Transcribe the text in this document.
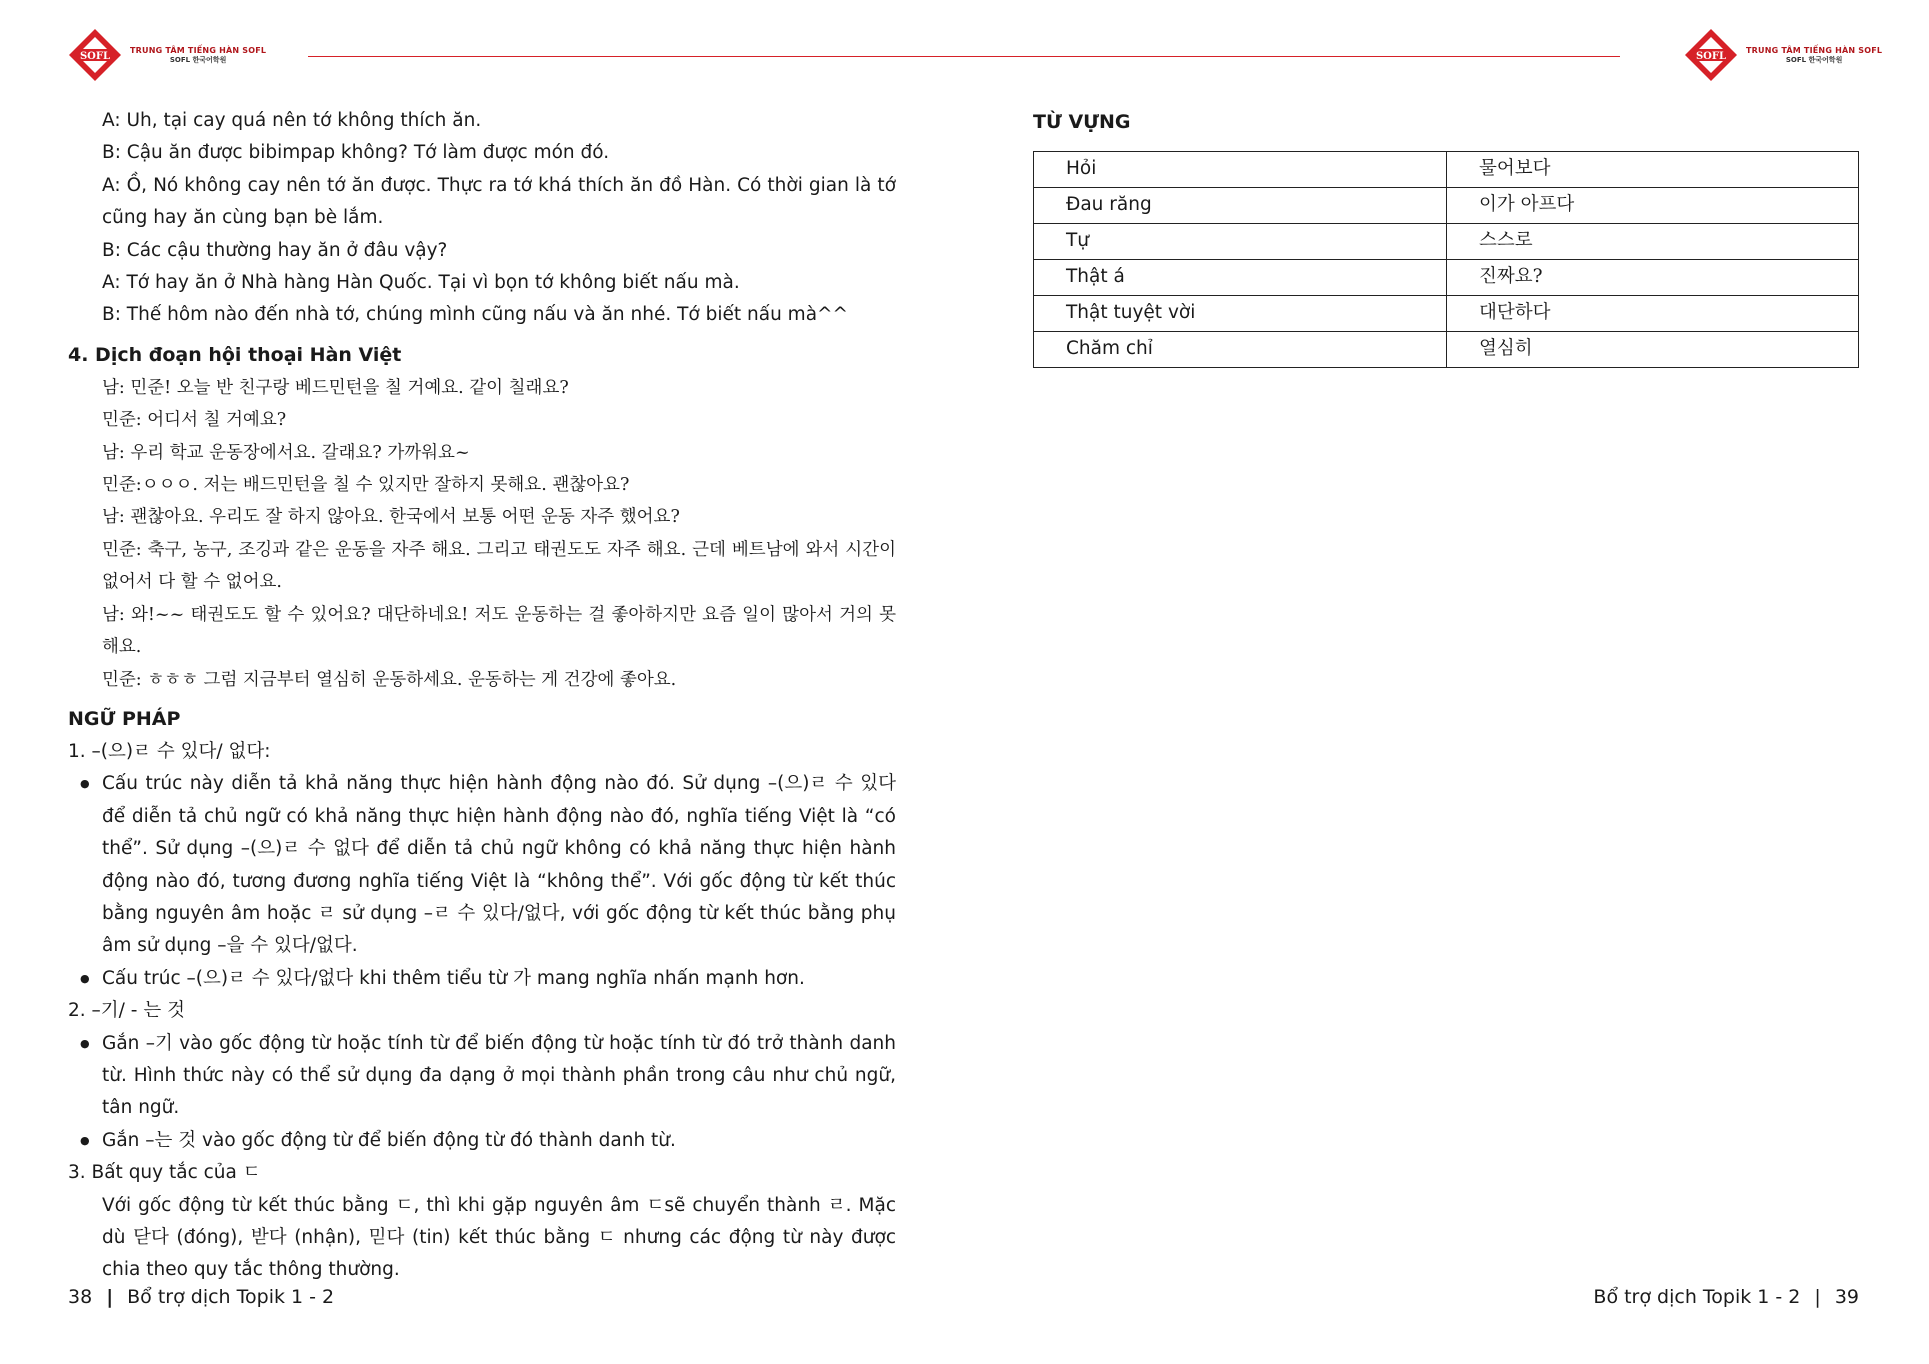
SOFL
TRUNG TÂM TIẾNG HÀN SOFL
SOFL 한국어학원	SOFL
TRUNG TÂM TIẾNG HÀN SOFL
SOFL 한국어학원
A: Uh, tại cay quá nên tớ không thích ăn.
B: Cậu ăn được bibimpap không? Tớ làm được món đó.
A: Ồ, Nó không cay nên tớ ăn được. Thực ra tớ khá thích ăn đồ Hàn. Có thời gian là tớ cũng hay ăn cùng bạn bè lắm.
B: Các cậu thường hay ăn ở đâu vậy?
A: Tớ hay ăn ở Nhà hàng Hàn Quốc. Tại vì bọn tớ không biết nấu mà.
B: Thế hôm nào đến nhà tớ, chúng mình cũng nấu và ăn nhé. Tớ biết nấu mà^^
4. Dịch đoạn hội thoại Hàn Việt
남: 민준! 오늘 반 친구랑 베드민턴을 칠 거예요. 같이 칠래요?
민준: 어디서 칠 거예요?
남: 우리 학교 운동장에서요. 갈래요? 가까워요~
민준:ㅇㅇㅇ. 저는 배드민턴을 칠 수 있지만 잘하지 못해요. 괜찮아요?
남: 괜찮아요. 우리도 잘 하지 않아요. 한국에서 보통 어떤 운동 자주 했어요?
민준: 축구, 농구, 조깅과 같은 운동을 자주 해요. 그리고 태권도도 자주 해요. 근데 베트남에 와서 시간이 없어서 다 할 수 없어요.
남: 와!~~ 태권도도 할 수 있어요? 대단하네요! 저도 운동하는 걸 좋아하지만 요즘 일이 많아서 거의 못 해요.
민준: ㅎㅎㅎ 그럼 지금부터 열심히 운동하세요. 운동하는 게 건강에 좋아요.
NGỮ PHÁP
1. –(으)ㄹ 수 있다/ 없다:
● Cấu trúc này diễn tả khả năng thực hiện hành động nào đó. Sử dụng –(으)ㄹ 수 있다 để diễn tả chủ ngữ có khả năng thực hiện hành động nào đó, nghĩa tiếng Việt là “có thể”. Sử dụng –(으)ㄹ 수 없다 để diễn tả chủ ngữ không có khả năng thực hiện hành động nào đó, tương đương nghĩa tiếng Việt là “không thể”. Với gốc động từ kết thúc bằng nguyên âm hoặc ㄹ sử dụng –ㄹ 수 있다/없다, với gốc động từ kết thúc bằng phụ âm sử dụng –을 수 있다/없다.
● Cấu trúc –(으)ㄹ 수 있다/없다 khi thêm tiểu từ 가 mang nghĩa nhấn mạnh hơn.
2. –기/ - 는 것
● Gắn –기 vào gốc động từ hoặc tính từ để biến động từ hoặc tính từ đó trở thành danh từ. Hình thức này có thể sử dụng đa dạng ở mọi thành phần trong câu như chủ ngữ, tân ngữ.
● Gắn –는 것 vào gốc động từ để biến động từ đó thành danh từ.
3. Bất quy tắc của ㄷ
Với gốc động từ kết thúc bằng ㄷ, thì khi gặp nguyên âm ㄷsẽ chuyển thành ㄹ. Mặc dù 닫다 (đóng), 받다 (nhận), 믿다 (tin) kết thúc bằng ㄷ nhưng các động từ này được chia theo quy tắc thông thường.
TỪ VỰNG
Hỏi	물어보다
Đau răng	이가 아프다
Tự	스스로
Thật á	진짜요?
Thật tuyệt vời	대단하다
Chăm chỉ	열심히
38 | Bổ trợ dịch Topik 1 - 2	Bổ trợ dịch Topik 1 - 2 | 39
